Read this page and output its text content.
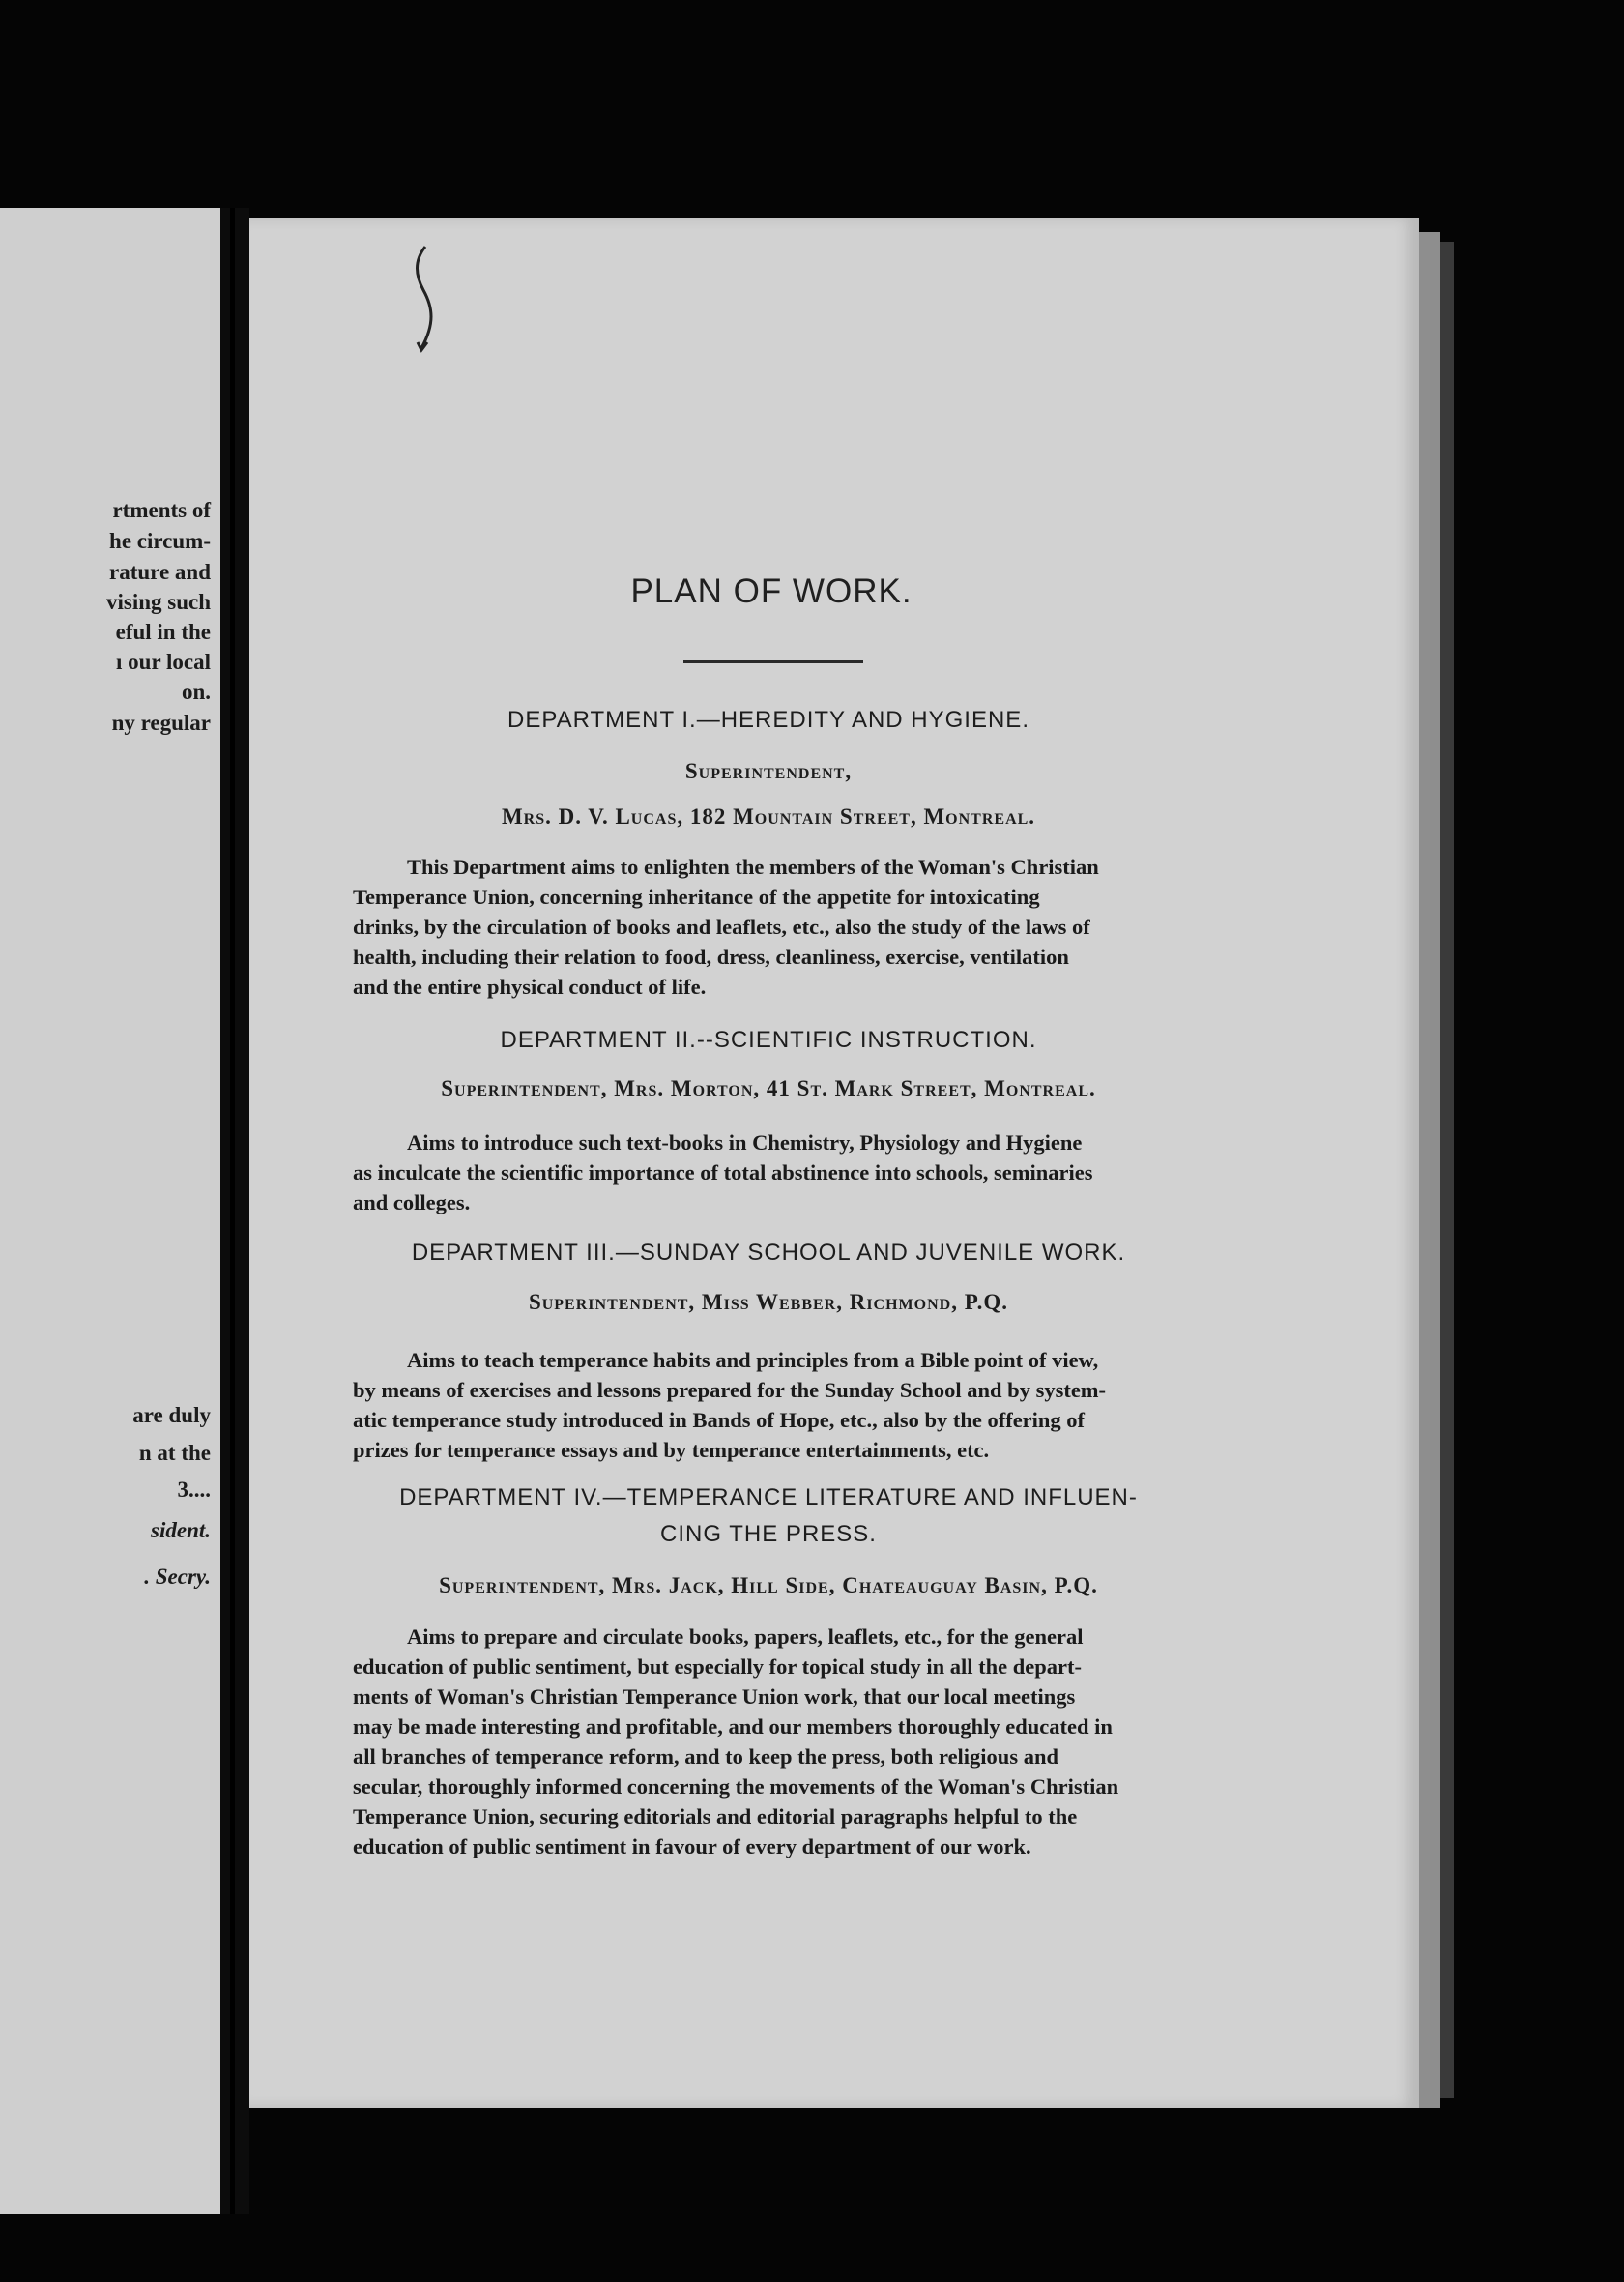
rtments of
he circum-
rature and
vising such
eful in the
ı our local
on.
ny regular
are duly
n at the
3....
sident.
. Secry.
PLAN OF WORK.
DEPARTMENT I.—HEREDITY AND HYGIENE.
Superintendent,
Mrs. D. V. Lucas, 182 Mountain Street, Montreal.
This Department aims to enlighten the members of the Woman's Christian
Temperance Union, concerning inheritance of the appetite for intoxicating
drinks, by the circulation of books and leaflets, etc., also the study of the laws of
health, including their relation to food, dress, cleanliness, exercise, ventilation
and the entire physical conduct of life.
DEPARTMENT II.--SCIENTIFIC INSTRUCTION.
Superintendent, Mrs. Morton, 41 St. Mark Street, Montreal.
Aims to introduce such text-books in Chemistry, Physiology and Hygiene
as inculcate the scientific importance of total abstinence into schools, seminaries
and colleges.
DEPARTMENT III.—SUNDAY SCHOOL AND JUVENILE WORK.
Superintendent, Miss Webber, Richmond, P.Q.
Aims to teach temperance habits and principles from a Bible point of view,
by means of exercises and lessons prepared for the Sunday School and by system-
atic temperance study introduced in Bands of Hope, etc., also by the offering of
prizes for temperance essays and by temperance entertainments, etc.
DEPARTMENT IV.—TEMPERANCE LITERATURE AND INFLUEN-
CING THE PRESS.
Superintendent, Mrs. Jack, Hill Side, Chateauguay Basin, P.Q.
Aims to prepare and circulate books, papers, leaflets, etc., for the general
education of public sentiment, but especially for topical study in all the depart-
ments of Woman's Christian Temperance Union work, that our local meetings
may be made interesting and profitable, and our members thoroughly educated in
all branches of temperance reform, and to keep the press, both religious and
secular, thoroughly informed concerning the movements of the Woman's Christian
Temperance Union, securing editorials and editorial paragraphs helpful to the
education of public sentiment in favour of every department of our work.
